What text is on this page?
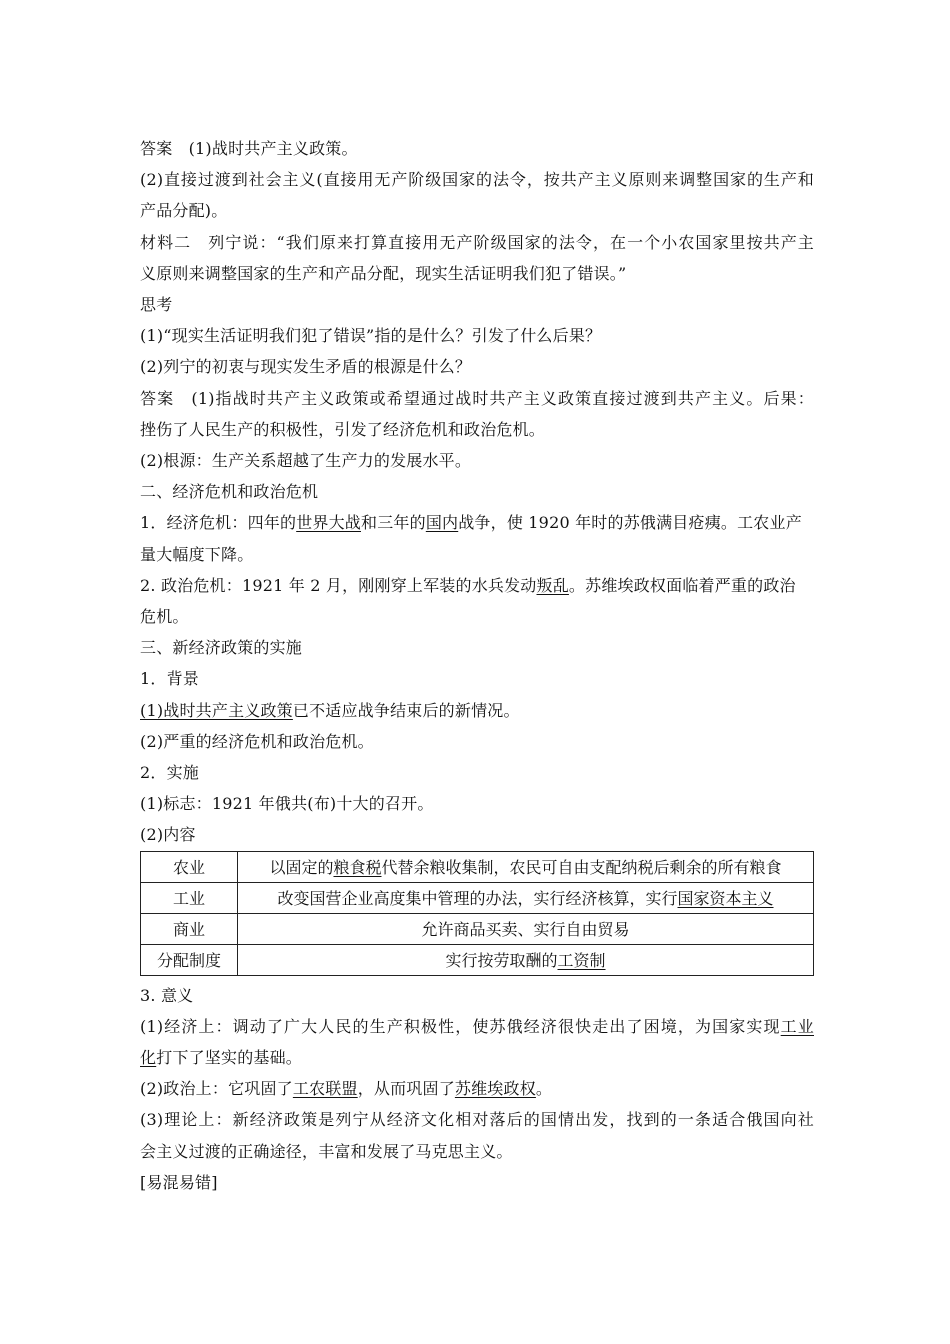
答案　(1)战时共产主义政策。
(2)直接过渡到社会主义(直接用无产阶级国家的法令，按共产主义原则来调整国家的生产和
产品分配)。
材料二　列宁说：“我们原来打算直接用无产阶级国家的法令，在一个小农国家里按共产主
义原则来调整国家的生产和产品分配，现实生活证明我们犯了错误。”
思考
(1)“现实生活证明我们犯了错误”指的是什么？引发了什么后果？
(2)列宁的初衷与现实发生矛盾的根源是什么？
答案　(1)指战时共产主义政策或希望通过战时共产主义政策直接过渡到共产主义。后果：
挫伤了人民生产的积极性，引发了经济危机和政治危机。
(2)根源：生产关系超越了生产力的发展水平。
二、经济危机和政治危机
1．经济危机：四年的世界大战和三年的国内战争，使 1920 年时的苏俄满目疮痍。工农业产
量大幅度下降。
2. 政治危机：1921 年 2 月，刚刚穿上军装的水兵发动叛乱。苏维埃政权面临着严重的政治
危机。
三、新经济政策的实施
1．背景
(1)战时共产主义政策已不适应战争结束后的新情况。
(2)严重的经济危机和政治危机。
2．实施
(1)标志：1921 年俄共(布)十大的召开。
(2)内容
农业	以固定的粮食税代替余粮收集制，农民可自由支配纳税后剩余的所有粮食
工业	改变国营企业高度集中管理的办法，实行经济核算，实行国家资本主义
商业	允许商品买卖、实行自由贸易
分配制度	实行按劳取酬的工资制
3. 意义
(1)经济上：调动了广大人民的生产积极性，使苏俄经济很快走出了困境，为国家实现工业
化打下了坚实的基础。
(2)政治上：它巩固了工农联盟，从而巩固了苏维埃政权。
(3)理论上：新经济政策是列宁从经济文化相对落后的国情出发，找到的一条适合俄国向社
会主义过渡的正确途径，丰富和发展了马克思主义。
[易混易错]
